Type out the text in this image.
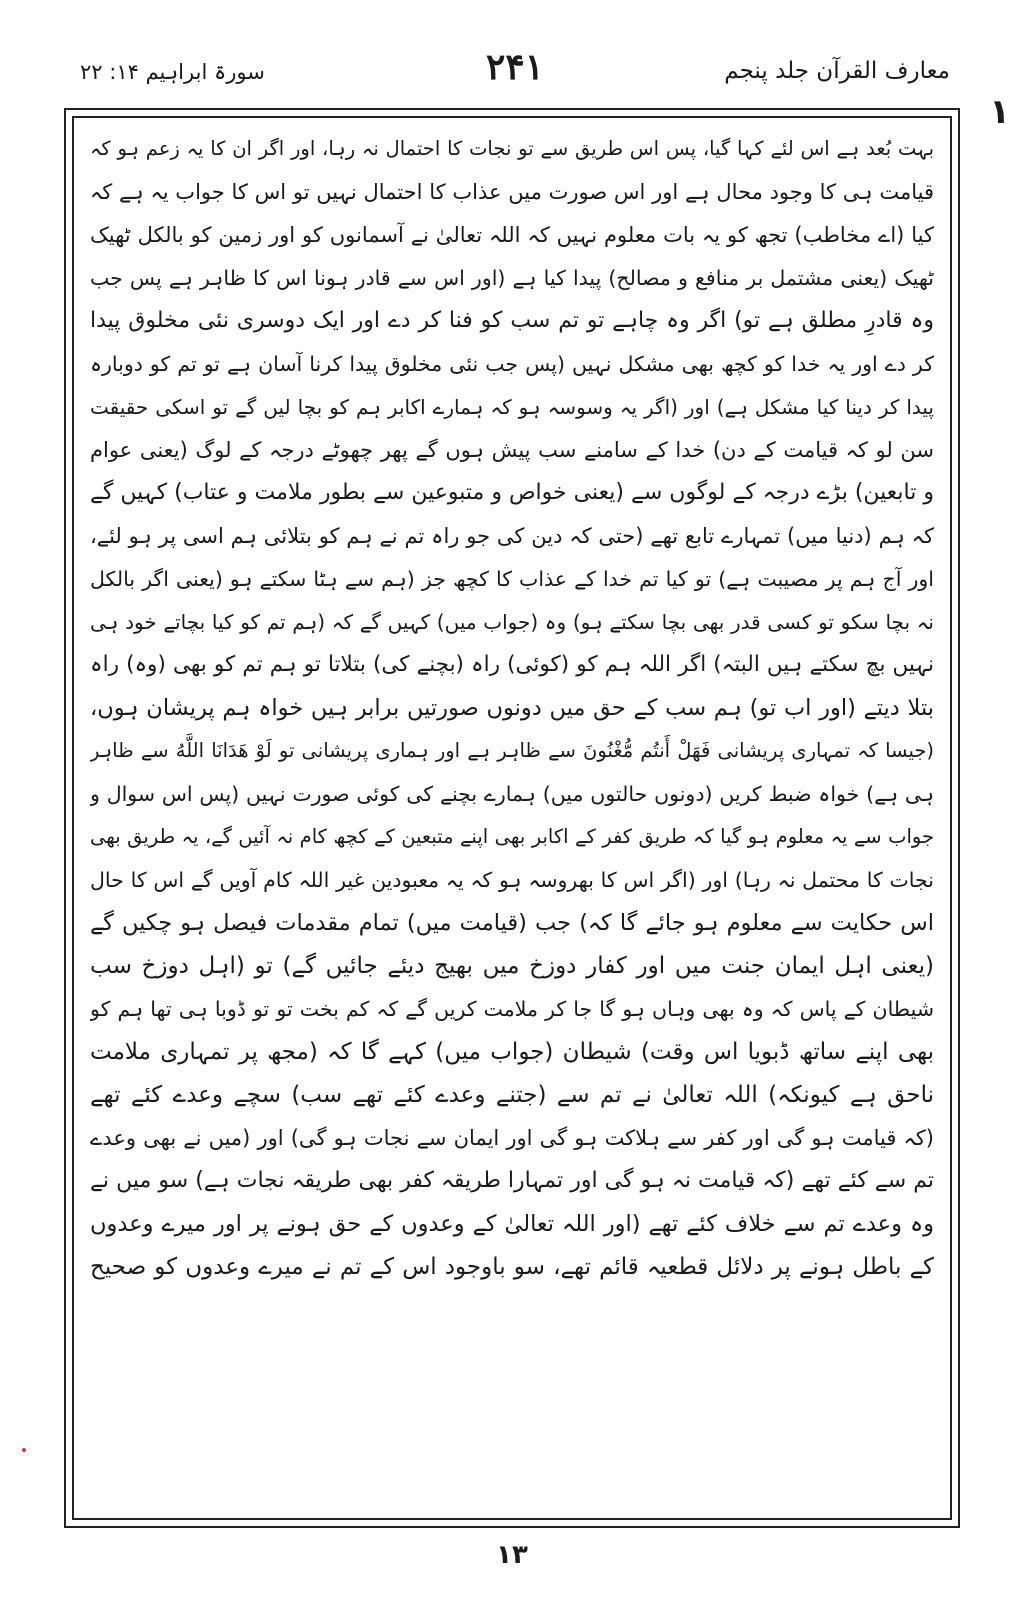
سورۃ ابراہیم ۱۴: ۲۲	۲۴۱	معارف القرآن جلد پنجم
۱
بہت بُعد ہے اس لئے کہا گیا، پس اس طریق سے تو نجات کا احتمال نہ رہا، اور اگر ان کا یہ زعم ہو کہ
قیامت ہی کا وجود محال ہے اور اس صورت میں عذاب کا احتمال نہیں تو اس کا جواب یہ ہے کہ
کیا (اے مخاطب) تجھ کو یہ بات معلوم نہیں کہ اللہ تعالیٰ نے آسمانوں کو اور زمین کو بالکل ٹھیک
ٹھیک (یعنی مشتمل بر منافع و مصالح) پیدا کیا ہے (اور اس سے قادر ہونا اس کا ظاہر ہے پس جب
وہ قادرِ مطلق ہے تو) اگر وہ چاہے تو تم سب کو فنا کر دے اور ایک دوسری نئی مخلوق پیدا
کر دے اور یہ خدا کو کچھ بھی مشکل نہیں (پس جب نئی مخلوق پیدا کرنا آسان ہے تو تم کو دوبارہ
پیدا کر دینا کیا مشکل ہے) اور (اگر یہ وسوسہ ہو کہ ہمارے اکابر ہم کو بچا لیں گے تو اسکی حقیقت
سن لو کہ قیامت کے دن) خدا کے سامنے سب پیش ہوں گے پھر چھوٹے درجہ کے لوگ (یعنی عوام
و تابعین) بڑے درجہ کے لوگوں سے (یعنی خواص و متبوعین سے بطور ملامت و عتاب) کہیں گے
کہ ہم (دنیا میں) تمہارے تابع تھے (حتی کہ دین کی جو راہ تم نے ہم کو بتلائی ہم اسی پر ہو لئے،
اور آج ہم پر مصیبت ہے) تو کیا تم خدا کے عذاب کا کچھ جز (ہم سے ہٹا سکتے ہو (یعنی اگر بالکل
نہ بچا سکو تو کسی قدر بھی بچا سکتے ہو) وہ (جواب میں) کہیں گے کہ (ہم تم کو کیا بچاتے خود ہی
نہیں بچ سکتے ہیں البتہ) اگر اللہ ہم کو (کوئی) راہ (بچنے کی) بتلاتا تو ہم تم کو بھی (وہ) راہ
بتلا دیتے (اور اب تو) ہم سب کے حق میں دونوں صورتیں برابر ہیں خواہ ہم پریشان ہوں،
(جیسا کہ تمہاری پریشانی فَهَلْ أَنتُم مُّغْنُونَ سے ظاہر ہے اور ہماری پریشانی تو لَوْ هَدَانَا اللَّهُ سے ظاہر
ہی ہے) خواہ ضبط کریں (دونوں حالتوں میں) ہمارے بچنے کی کوئی صورت نہیں (پس اس سوال و
جواب سے یہ معلوم ہو گیا کہ طریق کفر کے اکابر بھی اپنے متبعین کے کچھ کام نہ آئیں گے، یہ طریق بھی
نجات کا محتمل نہ رہا) اور (اگر اس کا بھروسہ ہو کہ یہ معبودین غیر اللہ کام آویں گے اس کا حال
اس حکایت سے معلوم ہو جائے گا کہ) جب (قیامت میں) تمام مقدمات فیصل ہو چکیں گے
(یعنی اہل ایمان جنت میں اور کفار دوزخ میں بھیج دیئے جائیں گے) تو (اہل دوزخ سب
شیطان کے پاس کہ وہ بھی وہاں ہو گا جا کر ملامت کریں گے کہ کم بخت تو تو ڈوبا ہی تھا ہم کو
بھی اپنے ساتھ ڈبویا اس وقت) شیطان (جواب میں) کہے گا کہ (مجھ پر تمہاری ملامت
ناحق ہے کیونکہ) اللہ تعالیٰ نے تم سے (جتنے وعدے کئے تھے سب) سچے وعدے کئے تھے
(کہ قیامت ہو گی اور کفر سے ہلاکت ہو گی اور ایمان سے نجات ہو گی) اور (میں نے بھی وعدے
تم سے کئے تھے (کہ قیامت نہ ہو گی اور تمہارا طریقہ کفر بھی طریقہ نجات ہے) سو میں نے
وہ وعدے تم سے خلاف کئے تھے (اور اللہ تعالیٰ کے وعدوں کے حق ہونے پر اور میرے وعدوں
کے باطل ہونے پر دلائل قطعیہ قائم تھے، سو باوجود اس کے تم نے میرے وعدوں کو صحیح
۱۳
